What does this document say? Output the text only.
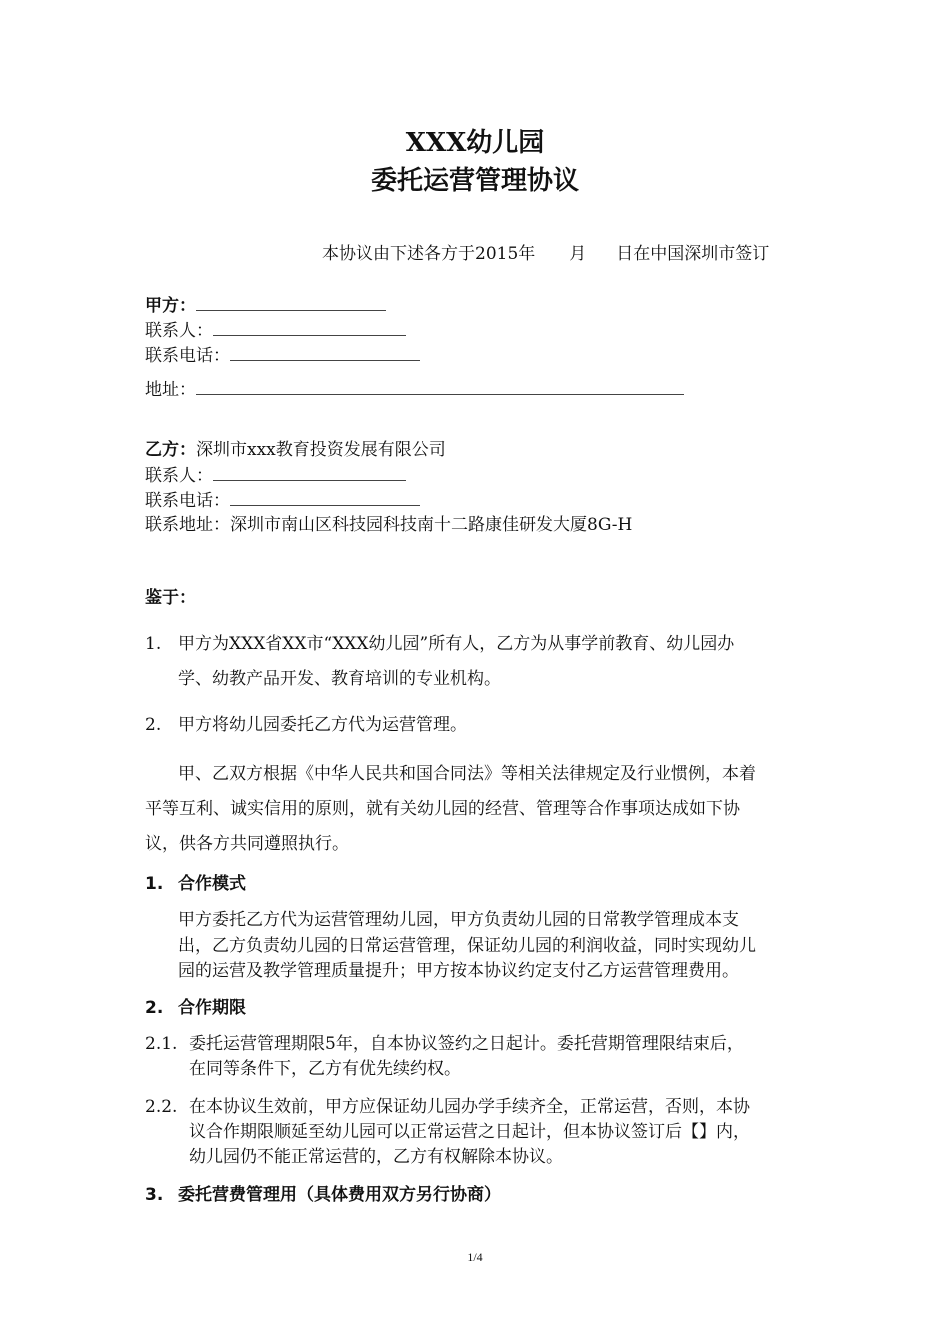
XXX幼儿园
委托运营管理协议
本协议由下述各方于2015年 月 日在中国深圳市签订
甲方：
联系人：
联系电话：
地址：
乙方：深圳市xxx教育投资发展有限公司
联系人：
联系电话：
联系地址：深圳市南山区科技园科技南十二路康佳研发大厦8G-H
鉴于：
1. 甲方为XXX省XX市“XXX幼儿园”所有人，乙方为从事学前教育、幼儿园办
学、幼教产品开发、教育培训的专业机构。
2. 甲方将幼儿园委托乙方代为运营管理。
甲、乙双方根据《中华人民共和国合同法》等相关法律规定及行业惯例，本着
平等互利、诚实信用的原则，就有关幼儿园的经营、管理等合作事项达成如下协
议，供各方共同遵照执行。
1. 合作模式
甲方委托乙方代为运营管理幼儿园，甲方负责幼儿园的日常教学管理成本支
出，乙方负责幼儿园的日常运营管理，保证幼儿园的利润收益，同时实现幼儿
园的运营及教学管理质量提升；甲方按本协议约定支付乙方运营管理费用。
2. 合作期限
2.1. 委托运营管理期限5年，自本协议签约之日起计。委托营期管理限结束后，
在同等条件下，乙方有优先续约权。
2.2. 在本协议生效前，甲方应保证幼儿园办学手续齐全，正常运营，否则，本协
议合作期限顺延至幼儿园可以正常运营之日起计，但本协议签订后【】内，
幼儿园仍不能正常运营的，乙方有权解除本协议。
3. 委托营费管理用（具体费用双方另行协商）
1/4
